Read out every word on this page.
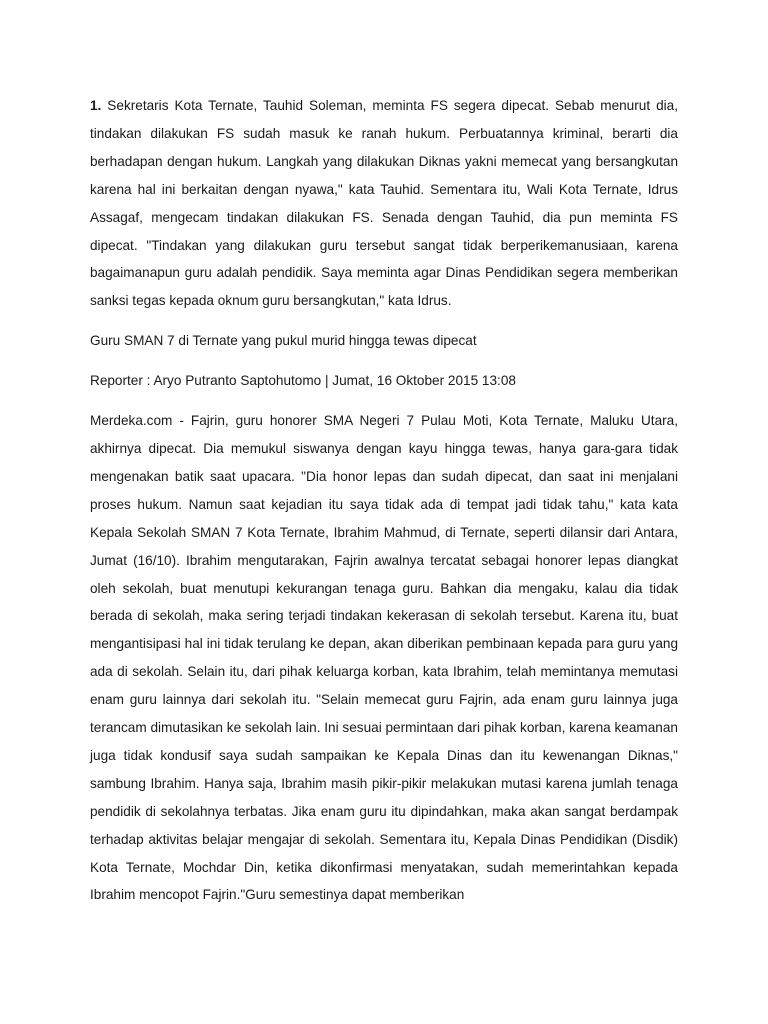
1. Sekretaris Kota Ternate, Tauhid Soleman, meminta FS segera dipecat. Sebab menurut dia, tindakan dilakukan FS sudah masuk ke ranah hukum. Perbuatannya kriminal, berarti dia berhadapan dengan hukum. Langkah yang dilakukan Diknas yakni memecat yang bersangkutan karena hal ini berkaitan dengan nyawa," kata Tauhid. Sementara itu, Wali Kota Ternate, Idrus Assagaf, mengecam tindakan dilakukan FS. Senada dengan Tauhid, dia pun meminta FS dipecat. "Tindakan yang dilakukan guru tersebut sangat tidak berperikemanusiaan, karena bagaimanapun guru adalah pendidik. Saya meminta agar Dinas Pendidikan segera memberikan sanksi tegas kepada oknum guru bersangkutan," kata Idrus.

Guru SMAN 7 di Ternate yang pukul murid hingga tewas dipecat

Reporter : Aryo Putranto Saptohutomo | Jumat, 16 Oktober 2015 13:08

Merdeka.com - Fajrin, guru honorer SMA Negeri 7 Pulau Moti, Kota Ternate, Maluku Utara, akhirnya dipecat. Dia memukul siswanya dengan kayu hingga tewas, hanya gara-gara tidak mengenakan batik saat upacara. "Dia honor lepas dan sudah dipecat, dan saat ini menjalani proses hukum. Namun saat kejadian itu saya tidak ada di tempat jadi tidak tahu," kata kata Kepala Sekolah SMAN 7 Kota Ternate, Ibrahim Mahmud, di Ternate, seperti dilansir dari Antara, Jumat (16/10). Ibrahim mengutarakan, Fajrin awalnya tercatat sebagai honorer lepas diangkat oleh sekolah, buat menutupi kekurangan tenaga guru. Bahkan dia mengaku, kalau dia tidak berada di sekolah, maka sering terjadi tindakan kekerasan di sekolah tersebut. Karena itu, buat mengantisipasi hal ini tidak terulang ke depan, akan diberikan pembinaan kepada para guru yang ada di sekolah. Selain itu, dari pihak keluarga korban, kata Ibrahim, telah memintanya memutasi enam guru lainnya dari sekolah itu. "Selain memecat guru Fajrin, ada enam guru lainnya juga terancam dimutasikan ke sekolah lain. Ini sesuai permintaan dari pihak korban, karena keamanan juga tidak kondusif saya sudah sampaikan ke Kepala Dinas dan itu kewenangan Diknas," sambung Ibrahim. Hanya saja, Ibrahim masih pikir-pikir melakukan mutasi karena jumlah tenaga pendidik di sekolahnya terbatas. Jika enam guru itu dipindahkan, maka akan sangat berdampak terhadap aktivitas belajar mengajar di sekolah. Sementara itu, Kepala Dinas Pendidikan (Disdik) Kota Ternate, Mochdar Din, ketika dikonfirmasi menyatakan, sudah memerintahkan kepada Ibrahim mencopot Fajrin."Guru semestinya dapat memberikan
